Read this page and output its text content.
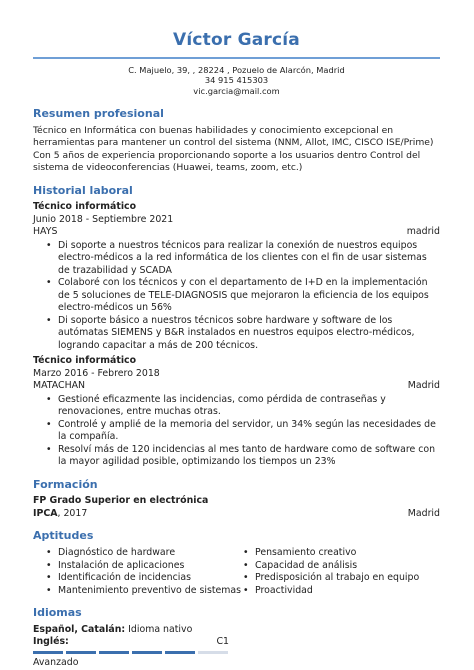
Víctor García
C. Majuelo, 39, , 28224 , Pozuelo de Alarcón, Madrid
34 915 415303
vic.garcia@mail.com
Resumen profesional
Técnico en Informática con buenas habilidades y conocimiento excepcional en herramientas para mantener un control del sistema (NNM, Allot, IMC, CISCO ISE/Prime) Con 5 años de experiencia proporcionando soporte a los usuarios dentro Control del sistema de videoconferencias (Huawei, teams, zoom, etc.)
Historial laboral
Técnico informático
Junio 2018 - Septiembre 2021
HAYS	madrid
• Di soporte a nuestros técnicos para realizar la conexión de nuestros equipos electro-médicos a la red informática de los clientes con el fin de usar sistemas de trazabilidad y SCADA
• Colaboré con los técnicos y con el departamento de I+D en la implementación de 5 soluciones de TELE-DIAGNOSIS que mejoraron la eficiencia de los equipos electro-médicos un 56%
• Di soporte básico a nuestros técnicos sobre hardware y software de los autómatas SIEMENS y B&R instalados en nuestros equipos electro-médicos, logrando capacitar a más de 200 técnicos.
Técnico informático
Marzo 2016 - Febrero 2018
MATACHAN	Madrid
• Gestioné eficazmente las incidencias, como pérdida de contraseñas y renovaciones, entre muchas otras.
• Controlé y amplié de la memoria del servidor, un 34% según las necesidades de la compañía.
• Resolví más de 120 incidencias al mes tanto de hardware como de software con la mayor agilidad posible, optimizando los tiempos un 23%
Formación
FP Grado Superior en electrónica
IPCA, 2017	Madrid
Aptitudes
• Diagnóstico de hardware
• Instalación de aplicaciones
• Identificación de incidencias
• Mantenimiento preventivo de sistemas
• Pensamiento creativo
• Capacidad de análisis
• Predisposición al trabajo en equipo
• Proactividad
Idiomas
Español, Catalán: Idioma nativo
Inglés:	C1
Avanzado
